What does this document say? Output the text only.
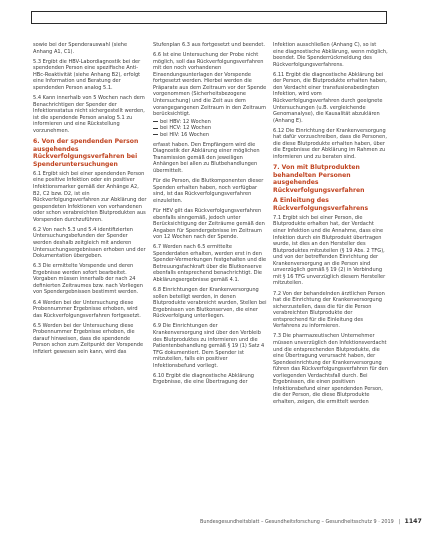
sowie bei der Spenderauswahl (siehe Anhang A1, C1).

5.3 Ergibt die HBV-Labordiagnostik bei der spendenden Person eine spezifische Anti-HBc-Reaktivität (siehe Anhang B2), erfolgt eine Information und Beratung der spendenden Person analog 5.1.

5.4 Kann innerhalb von 5 Wochen nach dem Benachrichtigen der Spender der Infektionsstatus nicht sichergestellt werden, ist die spendende Person analog 5.1 zu informieren und eine Rückstellung vorzunehmen.

6. Von der spendenden Person ausgehendes Rückverfolgungsverfahren bei Spenderuntersuchungen

6.1 Ergibt sich bei einer spendenden Person eine positive Infektion oder ein positiver Infektionsmarker gemäß der Anhänge A2, B2, C2 bzw. D2, ist ein Rückverfolgungsverfahren zur Abklärung der gespendeten Infektionen von vorhandenen oder schon verabreichten Blutprodukten aus Vorspenden durchzuführen.

6.2 Von nach 5.3 und 5.4 identifizierten Untersuchungsbefunden der Spender werden deshalb zeitgleich mit anderen Untersuchungsergebnissen erhoben und der Dokumentation übergeben.

6.3 Die ermittelte Vorspende und deren Ergebnisse werden sofort bearbeitet. Vorgaben müssen innerhalb der nach 24 definierten Zeitraumes bzw. nach Vorliegen von Spendergebnissen bestimmt werden.

6.4 Werden bei der Untersuchung diese Probennummer Ergebnisse erhoben, wird das Rückverfolgungsverfahren fortgesetzt.

6.5 Werden bei der Untersuchung diese Probennummer Ergebnisse erhoben, die darauf hinweisen, dass die spendende Person schon zum Zeitpunkt der Vorspende infiziert gewesen sein kann, wird das

Stufenplan 6.3 aus fortgesetzt und beendet.

6.6 Ist eine Untersuchung der Probe nicht möglich, soll das Rückverfolgungsverfahren mit den noch vorhandenen Einsendungsunterlagen der Vorspende fortgesetzt werden. Hierbei werden die Präparate aus dem Zeitraum vor der Spende vorgenommen (Sicherheitsbezogene Untersuchung) und die Zeit aus dem vorangegangenen Zeitraum in den Zeitraum berücksichtigt.

bei HBV: 12 Wochen
bei HCV: 12 Wochen
bei HIV: 16 Wochen

erfasst haben. Den Empfängern wird die Diagnostik der Abklärung einer möglichen Transmission gemäß den jeweiligen Anhängen bei allen zu Blutbehandlungen übermittelt.

Für die Person, die Blutkomponenten dieser Spenden erhalten haben, noch verfügbar sind, ist das Rückverfolgungsverfahren einzuleiten.

Für HEV gilt das Rückverfolgungsverfahren ebenfalls sinngemäß, jedoch unter Berücksichtigung der Zeiträume gemäß den Angaben für Spendergebnisse im Zeitraum von 12 Wochen nach der Spende.

6.7 Werden nach 6.5 ermittelte Spenderdaten erhalten, werden erst in den Spender-Vermerkungen festgehalten und die Betreuungsfachkraft über die Blutkonserve ebenfalls entsprechend benachrichtigt. Die Abklärungsergebnisse gemäß 4.1.

6.8 Einrichtungen der Krankenversorgung sollen beteiligt werden, in denen Blutprodukte verabreicht wurden, Stellen bei Ergebnissen von Blutkonserven, die einer Rückverfolgung unterliegen.

6.9 Die Einrichtungen der Krankenversorgung sind über den Verbleib des Blutproduktes zu informieren und die Patientenbehandlung gemäß § 19 (1) Satz 4 TFG dokumentiert. Dem Spender ist mitzuteilen, falls ein positiver Infektionsbefund vorliegt.

6.10 Ergibt die diagnostische Abklärung Ergebnisse, die eine Übertragung der

Infektion ausschließen (Anhang C), so ist eine diagnostische Abklärung, wenn möglich, beendet. Die Spenderrückmeldung des Rückverfolgungsverfahrens.

6.11 Ergibt die diagnostische Abklärung bei der Person, die Blutprodukte erhalten haben, den Verdacht einer transfusionsbedingten Infektion, wird vom Rückverfolgungsverfahren durch geeignete Untersuchungen (u.B. vergleichende Genomanalyse), die Kausalität abzuklären (Anhang E).

6.12 Die Einrichtung der Krankenversorgung hat dafür vorzuschreiben, dass die Personen, die diese Blutprodukte erhalten haben, über die Ergebnisse der Abklärung im Rahmen zu informieren und zu beraten sind.

7. Von mit Blutprodukten behandelten Personen ausgehendes Rückverfolgungsverfahren
A Einleitung des Rückverfolgungsverfahrens

7.1 Ergibt sich bei einer Person, die Blutprodukte erhalten hat, der Verdacht einer Infektion und die Annahme, dass eine Infektion durch ein Blutprodukt übertragen wurde, ist dies an den Hersteller des Blutproduktes mitzuteilen (§ 19 Abs. 2 TFG), und von der betreffenden Einrichtung der Krankenversorgung an die Person sind unverzüglich gemäß § 19 (2) in Verbindung mit § 16 TFG unverzüglich diesem Hersteller mitzuteilen.

7.2 Von der behandelnden ärztlichen Person hat die Einrichtung der Krankenversorgung sicherzustellen, dass die für die Person verabreichten Blutprodukte der entsprechend für die Einleitung des Verfahrens zu informieren.

7.3 Die pharmazeutischen Unternehmer müssen unverzüglich den Infektionsverdacht und die entsprechenden Blutprodukte, die eine Übertragung verursacht haben, der Spendeeinrichtung der Krankenversorgung führen das Rückverfolgungsverfahren für den vorliegenden Verdachtsfall durch. Bei Ergebnissen, die einen positiven Infektionsbefund einer spendenden Person, die der Person, die diese Blutprodukte erhalten, zeigen, die ermittelt werden

Bundesgesundheitsblatt – Gesundheitsforschung – Gesundheitsschutz 9 · 2019 | 1147
